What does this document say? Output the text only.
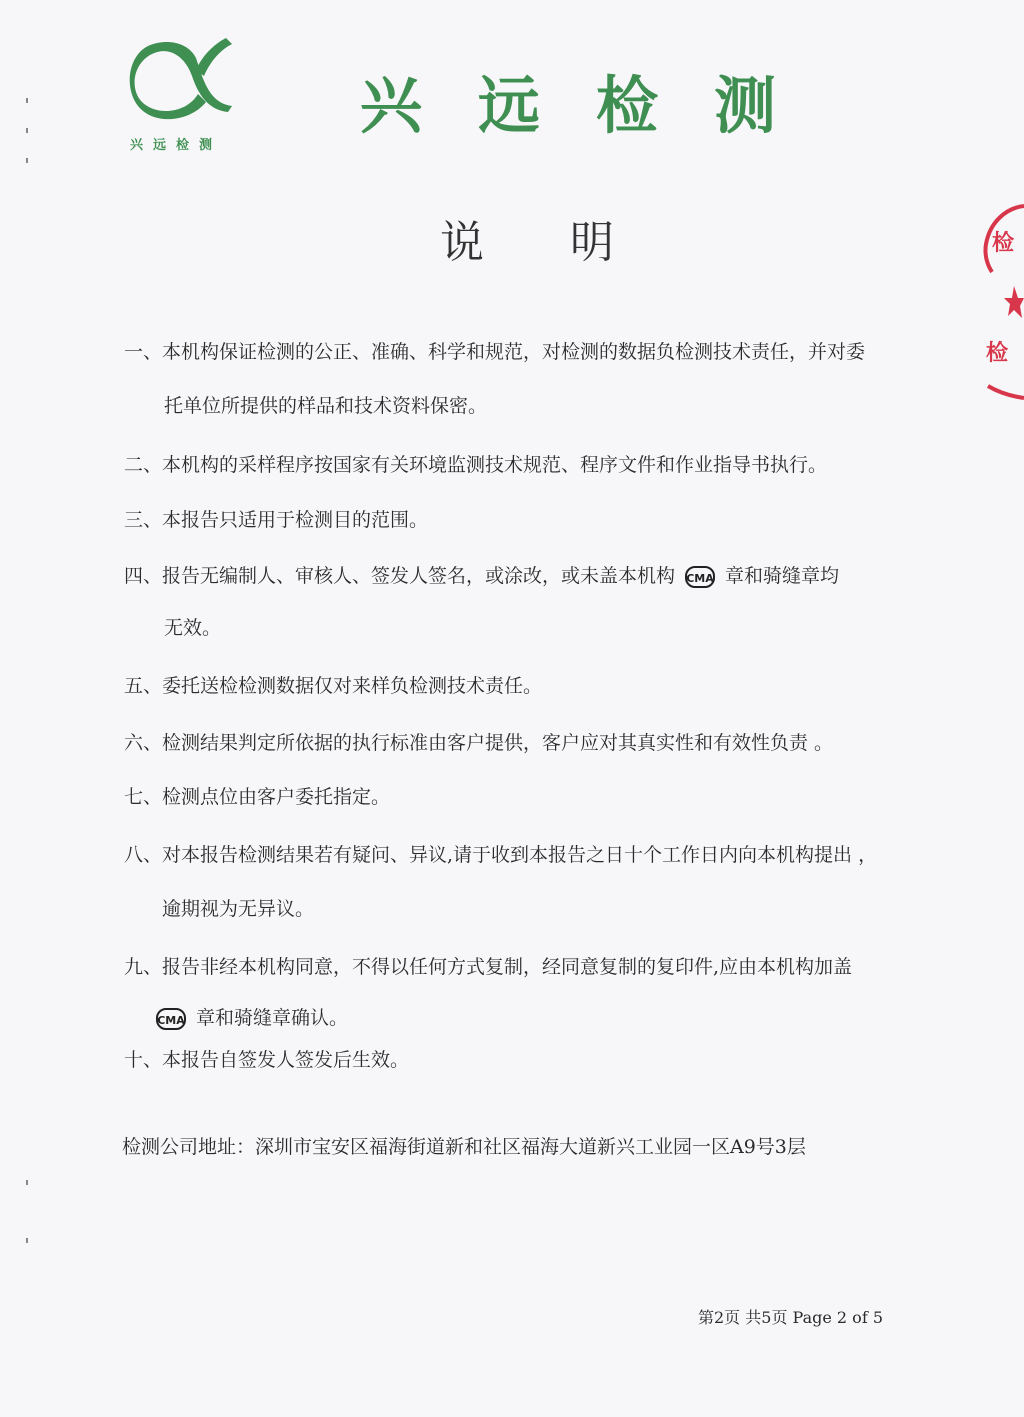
兴远检测
兴远检测
说明
一、本机构保证检测的公正、准确、科学和规范，对检测的数据负检测技术责任，并对委
托单位所提供的样品和技术资料保密。
二、本机构的采样程序按国家有关环境监测技术规范、程序文件和作业指导书执行。
三、本报告只适用于检测目的范围。
四、报告无编制人、审核人、签发人签名，或涂改，或未盖本机构 CMA 章和骑缝章均
无效。
五、委托送检检测数据仅对来样负检测技术责任。
六、检测结果判定所依据的执行标准由客户提供，客户应对其真实性和有效性负责 。
七、检测点位由客户委托指定。
八、对本报告检测结果若有疑问、异议,请于收到本报告之日十个工作日内向本机构提出 ，
逾期视为无异议。
九、报告非经本机构同意，不得以任何方式复制，经同意复制的复印件,应由本机构加盖
CMA 章和骑缝章确认。
十、本报告自签发人签发后生效。
检测公司地址：深圳市宝安区福海街道新和社区福海大道新兴工业园一区A9号3层
第2页 共5页 Page 2 of 5
检
检
